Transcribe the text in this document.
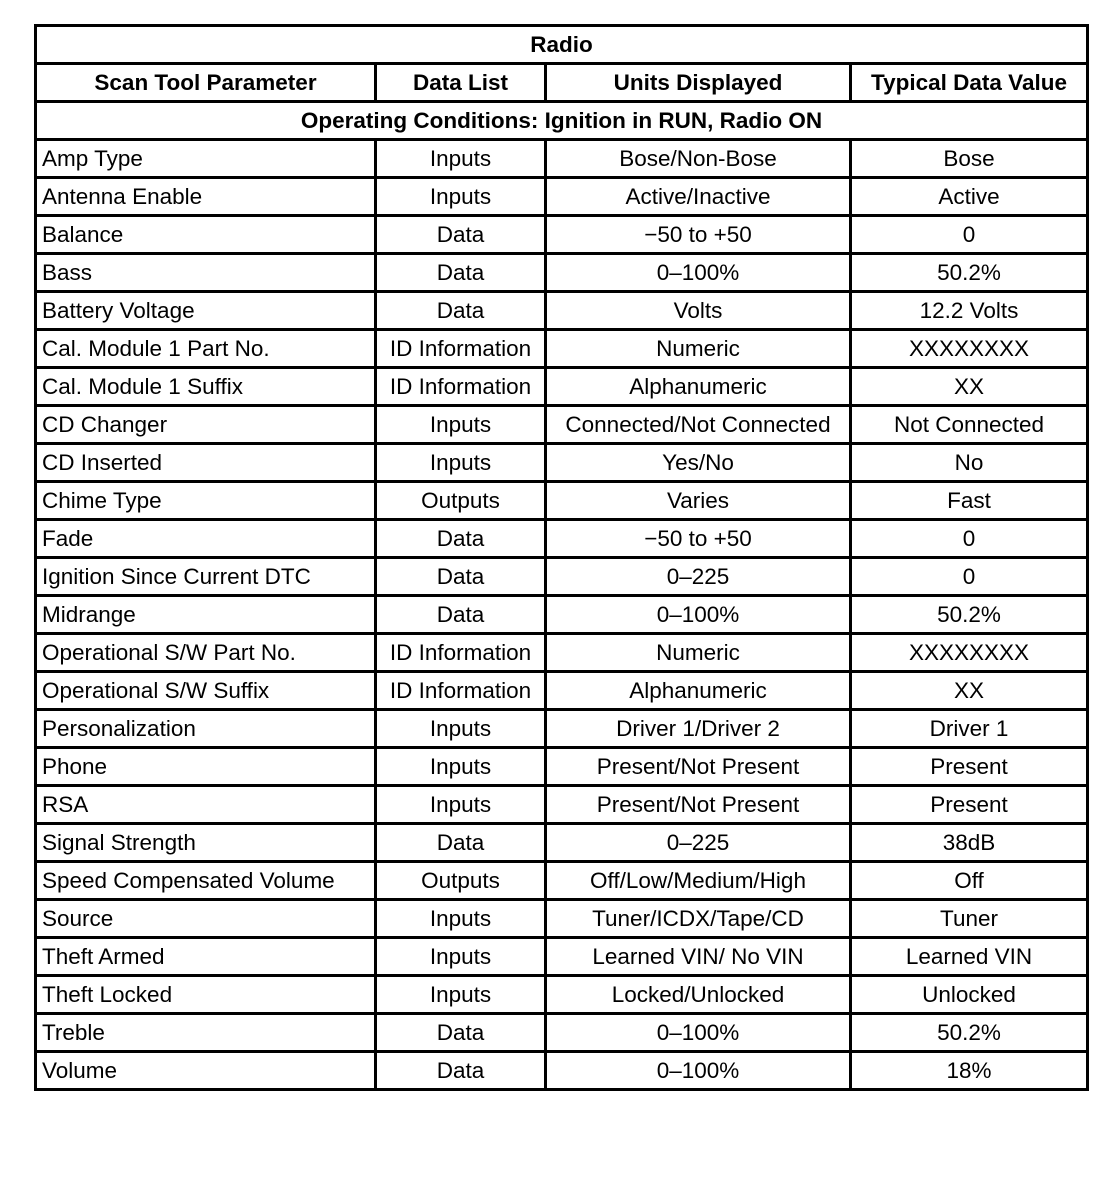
Radio			
Scan Tool Parameter	Data List	Units Displayed	Typical Data Value
Operating Conditions: Ignition in RUN, Radio ON			
Amp Type	Inputs	Bose/Non-Bose	Bose
Antenna Enable	Inputs	Active/Inactive	Active
Balance	Data	−50 to +50	0
Bass	Data	0–100%	50.2%
Battery Voltage	Data	Volts	12.2 Volts
Cal. Module 1 Part No.	ID Information	Numeric	XXXXXXXX
Cal. Module 1 Suffix	ID Information	Alphanumeric	XX
CD Changer	Inputs	Connected/Not Connected	Not Connected
CD Inserted	Inputs	Yes/No	No
Chime Type	Outputs	Varies	Fast
Fade	Data	−50 to +50	0
Ignition Since Current DTC	Data	0–225	0
Midrange	Data	0–100%	50.2%
Operational S/W Part No.	ID Information	Numeric	XXXXXXXX
Operational S/W Suffix	ID Information	Alphanumeric	XX
Personalization	Inputs	Driver 1/Driver 2	Driver 1
Phone	Inputs	Present/Not Present	Present
RSA	Inputs	Present/Not Present	Present
Signal Strength	Data	0–225	38dB
Speed Compensated Volume	Outputs	Off/Low/Medium/High	Off
Source	Inputs	Tuner/ICDX/Tape/CD	Tuner
Theft Armed	Inputs	Learned VIN/ No VIN	Learned VIN
Theft Locked	Inputs	Locked/Unlocked	Unlocked
Treble	Data	0–100%	50.2%
Volume	Data	0–100%	18%
